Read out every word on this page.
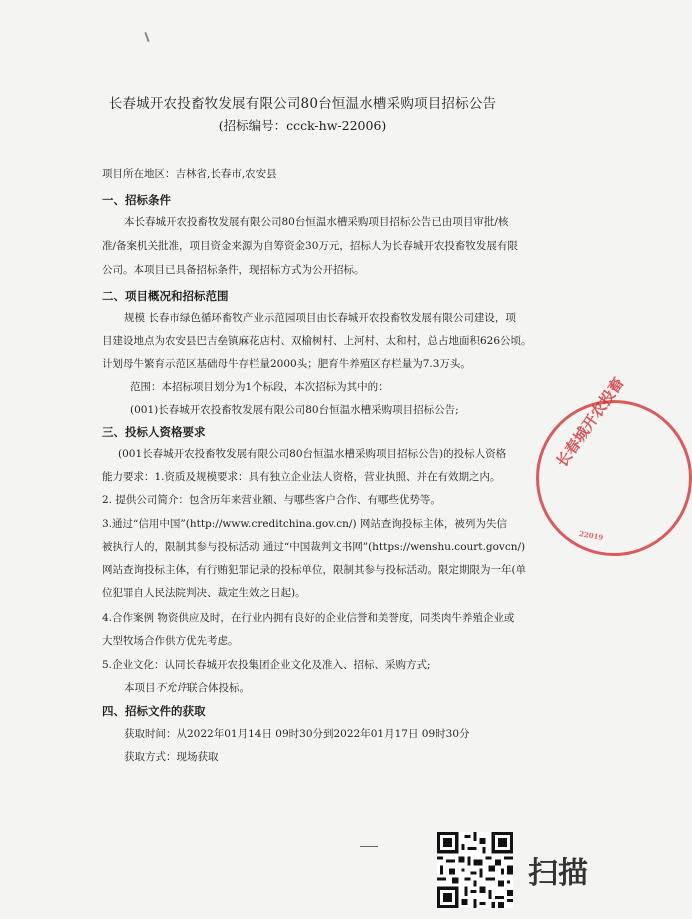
长春城开农投畜牧发展有限公司80台恒温水槽采购项目招标公告
(招标编号：ccck-hw-22006)
项目所在地区：吉林省,长春市,农安县
一、招标条件
本长春城开农投畜牧发展有限公司80台恒温水槽采购项目招标公告已由项目审批/核
准/备案机关批准，项目资金来源为自筹资金30万元，招标人为长春城开农投畜牧发展有限
公司。本项目已具备招标条件，现招标方式为公开招标。
二、项目概况和招标范围
规模 长春市绿色循环畜牧产业示范园项目由长春城开农投畜牧发展有限公司建设，项
目建设地点为农安县巴吉垒镇麻花店村、双榆树村、上河村、太和村，总占地面积626公顷。
计划母牛繁育示范区基础母牛存栏量2000头；肥育牛养殖区存栏量为7.3万头。
范围：本招标项目划分为1个标段，本次招标为其中的：
(001)长春城开农投畜牧发展有限公司80台恒温水槽采购项目招标公告;
三、投标人资格要求
(001长春城开农投畜牧发展有限公司80台恒温水槽采购项目招标公告)的投标人资格
能力要求：1.资质及规模要求：具有独立企业法人资格，营业执照、并在有效期之内。
2. 提供公司简介：包含历年来营业额、与哪些客户合作、有哪些优势等。
3.通过“信用中国”(http://www.creditchina.gov.cn/) 网站查询投标主体，被列为失信
被执行人的，限制其参与投标活动 通过“中国裁判文书网”(https://wenshu.court.govcn/)
网站查询投标主体，有行贿犯罪记录的投标单位，限制其参与投标活动。限定期限为一年(单
位犯罪自人民法院判决、裁定生效之日起)。
4.合作案例 物资供应及时，在行业内拥有良好的企业信誉和美誉度，同类肉牛养殖企业或
大型牧场合作供方优先考虑。
5.企业文化：认同长春城开农投集团企业文化及准入、招标、采购方式;
本项目不允许联合体投标。
四、招标文件的获取
获取时间：从2022年01月14日 09时30分到2022年01月17日 09时30分
获取方式：现场获取
长春城开农投畜
22019
扫描
